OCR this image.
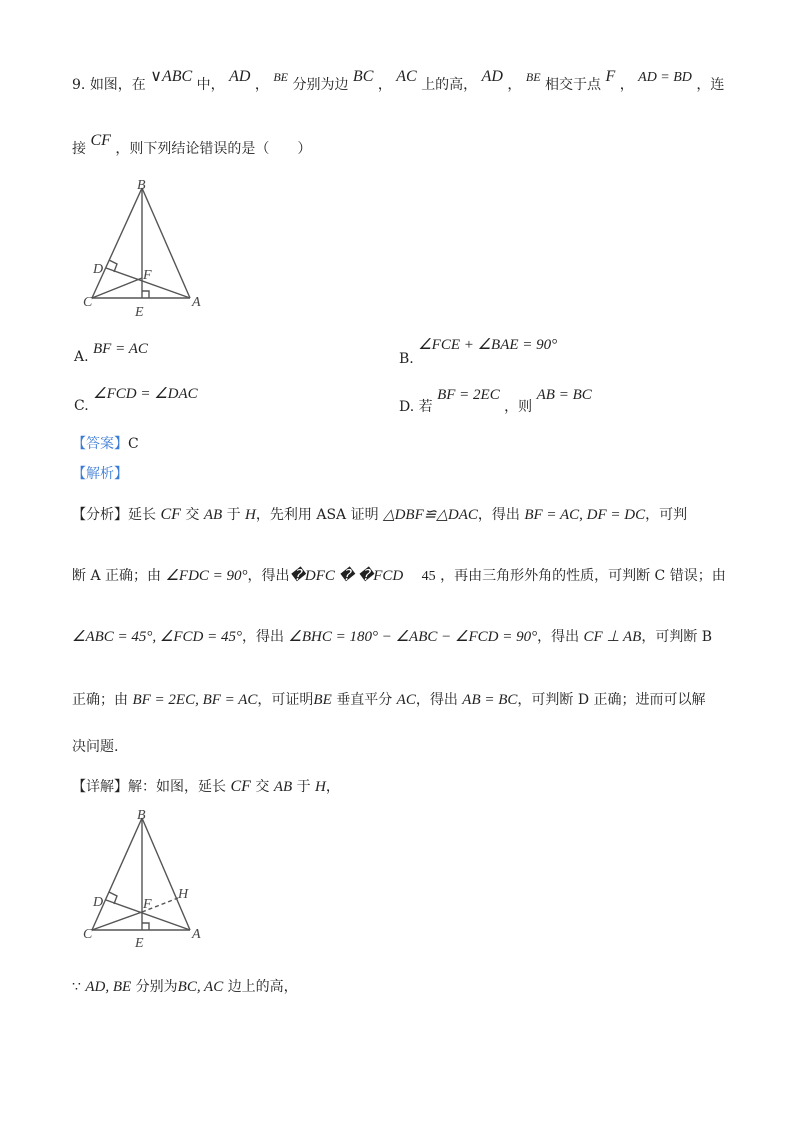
9. 如图，在 ∨ABC 中， AD ， BE 分别为边 BC ， AC 上的高， AD ， BE 相交于点 F ， AD = BD ，连
接 CF ，则下列结论错误的是（　　）
B
D	F
C
E
A
A. BF = AC
B. ∠FCE + ∠BAE = 90°
C. ∠FCD = ∠DAC
D. 若 BF = 2EC ，则 AB = BC
【答案】C
【解析】
【分析】延长 CF 交 AB 于 H，先利用 ASA 证明 △DBF≌△DAC，得出 BF = AC, DF = DC，可判
断 A 正确；由 ∠FDC = 90°，得出�DFC � �FCD 45 ，再由三角形外角的性质，可判断 C 错误；由
∠ABC = 45°, ∠FCD = 45°，得出 ∠BHC = 180° − ∠ABC − ∠FCD = 90°，得出 CF ⊥ AB，可判断 B
正确；由 BF = 2EC, BF = AC，可证明BE 垂直平分 AC，得出 AB = BC，可判断 D 正确；进而可以解
决问题.
【详解】解：如图，延长 CF 交 AB 于 H，
B
D	F
H
C
E
A
∵ AD, BE 分别为BC, AC 边上的高，
